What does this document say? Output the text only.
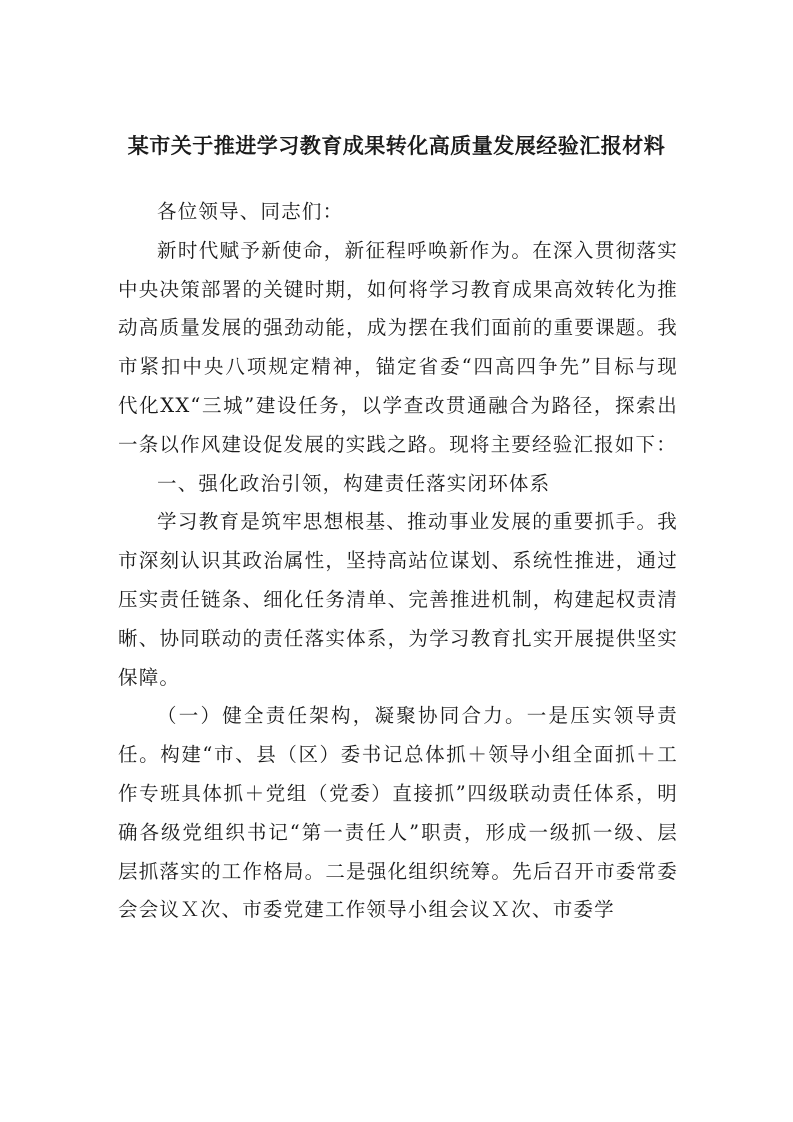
某市关于推进学习教育成果转化高质量发展经验汇报材料

各位领导、同志们：

新时代赋予新使命，新征程呼唤新作为。在深入贯彻落实中央决策部署的关键时期，如何将学习教育成果高效转化为推动高质量发展的强劲动能，成为摆在我们面前的重要课题。我市紧扣中央八项规定精神，锚定省委“四高四争先”目标与现代化XX“三城”建设任务，以学查改贯通融合为路径，探索出一条以作风建设促发展的实践之路。现将主要经验汇报如下：

一、强化政治引领，构建责任落实闭环体系

学习教育是筑牢思想根基、推动事业发展的重要抓手。我市深刻认识其政治属性，坚持高站位谋划、系统性推进，通过压实责任链条、细化任务清单、完善推进机制，构建起权责清晰、协同联动的责任落实体系，为学习教育扎实开展提供坚实保障。

（一）健全责任架构，凝聚协同合力。一是压实领导责任。构建“市、县（区）委书记总体抓＋领导小组全面抓＋工作专班具体抓＋党组（党委）直接抓”四级联动责任体系，明确各级党组织书记“第一责任人”职责，形成一级抓一级、层层抓落实的工作格局。二是强化组织统筹。先后召开市委常委会会议Ｘ次、市委党建工作领导小组会议Ｘ次、市委学
